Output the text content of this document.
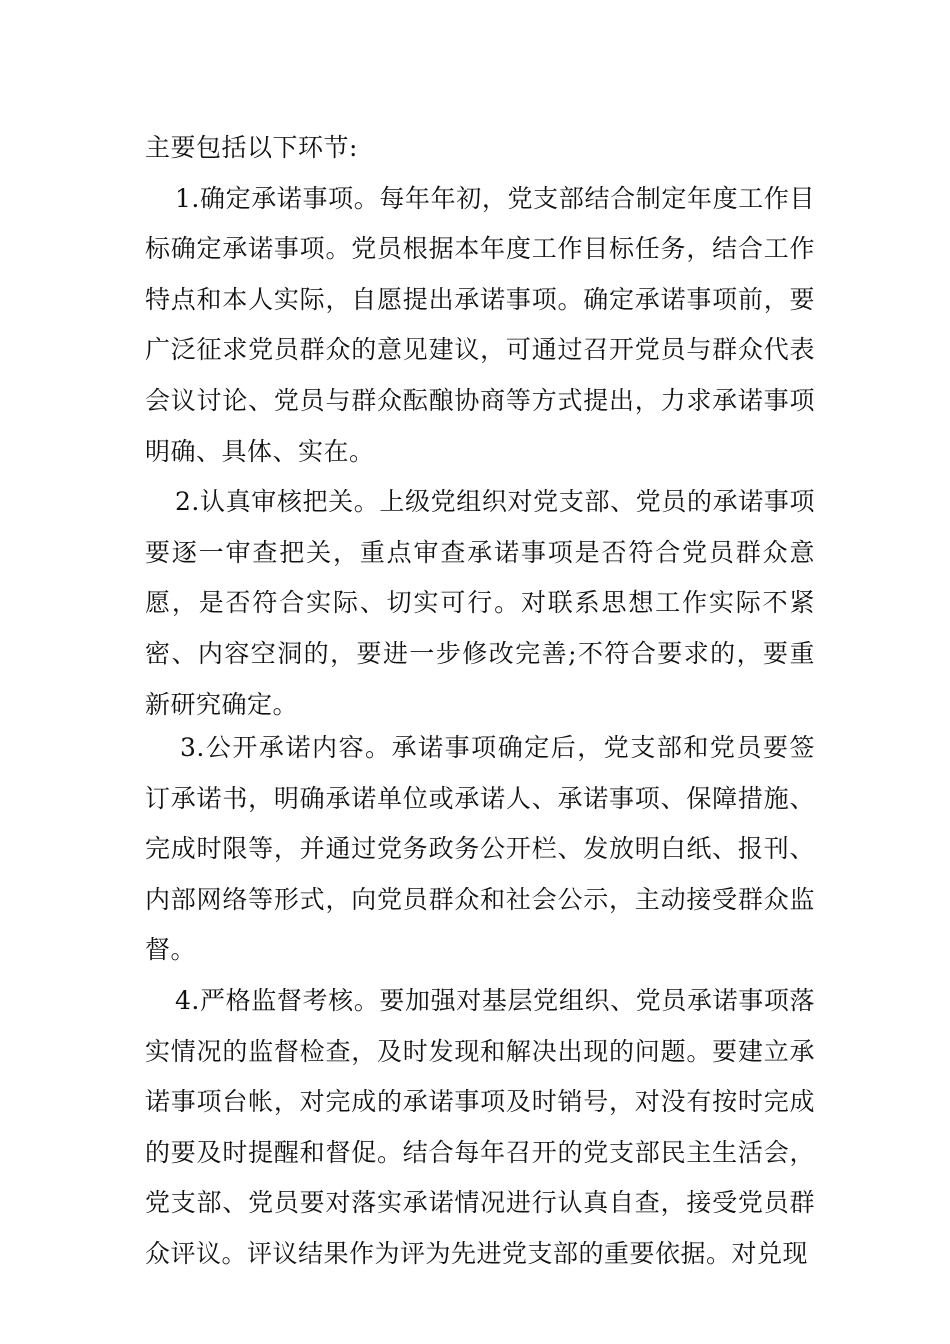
主要包括以下环节:

1.确定承诺事项。每年年初，党支部结合制定年度工作目标确定承诺事项。党员根据本年度工作目标任务，结合工作特点和本人实际，自愿提出承诺事项。确定承诺事项前，要广泛征求党员群众的意见建议，可通过召开党员与群众代表会议讨论、党员与群众酝酿协商等方式提出，力求承诺事项明确、具体、实在。

2.认真审核把关。上级党组织对党支部、党员的承诺事项要逐一审查把关，重点审查承诺事项是否符合党员群众意愿，是否符合实际、切实可行。对联系思想工作实际不紧密、内容空洞的，要进一步修改完善;不符合要求的，要重新研究确定。

3.公开承诺内容。承诺事项确定后，党支部和党员要签订承诺书，明确承诺单位或承诺人、承诺事项、保障措施、完成时限等，并通过党务政务公开栏、发放明白纸、报刊、内部网络等形式，向党员群众和社会公示，主动接受群众监督。

4.严格监督考核。要加强对基层党组织、党员承诺事项落实情况的监督检查，及时发现和解决出现的问题。要建立承诺事项台帐，对完成的承诺事项及时销号，对没有按时完成的要及时提醒和督促。结合每年召开的党支部民主生活会，党支部、党员要对落实承诺情况进行认真自查，接受党员群众评议。评议结果作为评为先进党支部的重要依据。对兑现
